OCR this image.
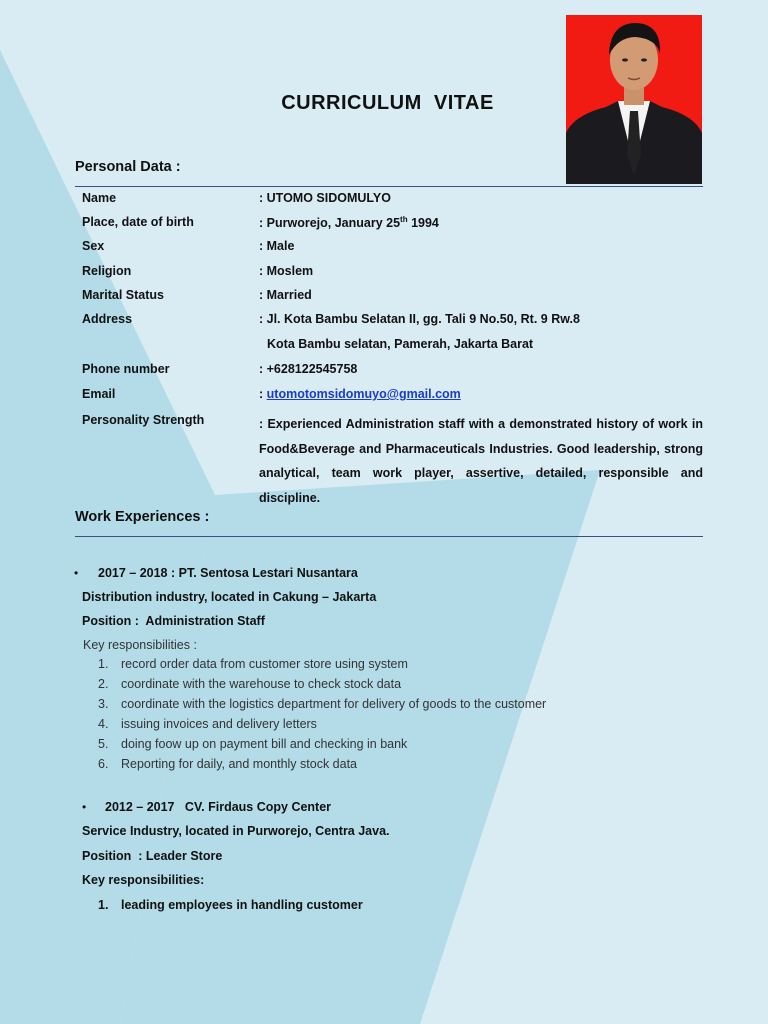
CURRICULUM  VITAE
Personal Data :
Name	: UTOMO SIDOMULYO
Place, date of birth	: Purworejo, January 25th 1994
Sex	: Male
Religion	: Moslem
Marital Status	: Married
Address	: Jl. Kota Bambu Selatan II, gg. Tali 9 No.50, Rt. 9 Rw.8
Kota Bambu selatan, Pamerah, Jakarta Barat
Phone number	: +628122545758
Email	: utomotomsidomuyo@gmail.com
Personality Strength	: Experienced Administration staff with a demonstrated history of work in Food&Beverage and Pharmaceuticals Industries. Good leadership, strong analytical, team work player, assertive, detailed, responsible and discipline.
Work Experiences :
• 2017 – 2018 : PT. Sentosa Lestari Nusantara
Distribution industry, located in Cakung – Jakarta
Position :  Administration Staff
Key responsibilities :
1. record order data from customer store using system
2. coordinate with the warehouse to check stock data
3. coordinate with the logistics department for delivery of goods to the customer
4. issuing invoices and delivery letters
5. doing foow up on payment bill and checking in bank
6. Reporting for daily, and monthly stock data
• 2012 – 2017   CV. Firdaus Copy Center
Service Industry, located in Purworejo, Centra Java.
Position  : Leader Store
Key responsibilities:
1. leading employees in handling customer
